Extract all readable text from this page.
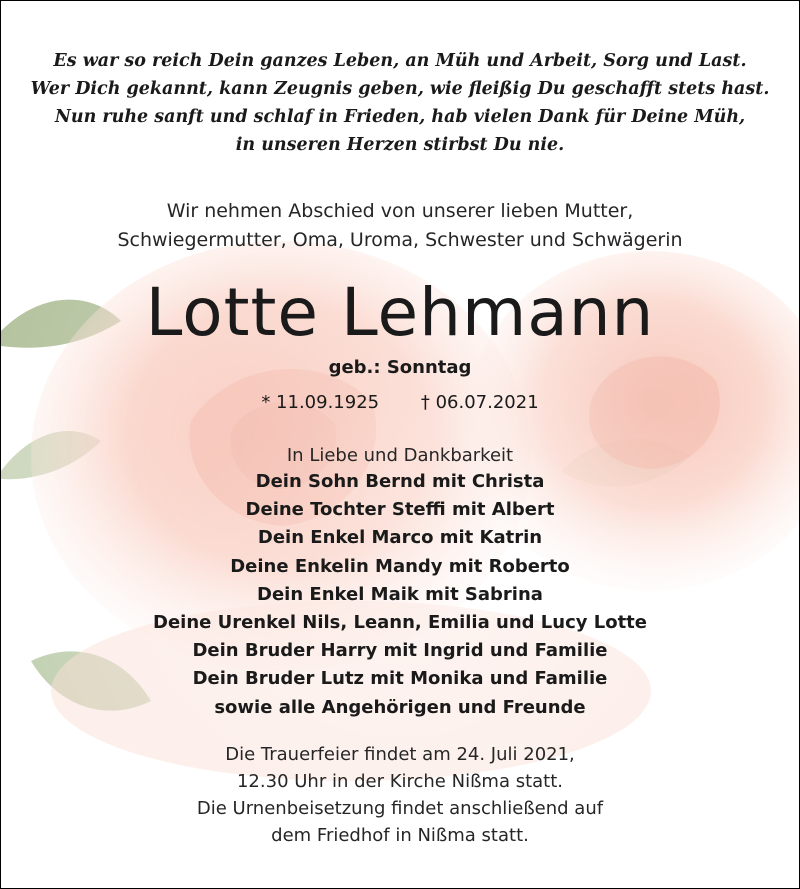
Es war so reich Dein ganzes Leben, an Müh und Arbeit, Sorg und Last.
Wer Dich gekannt, kann Zeugnis geben, wie fleißig Du geschafft stets hast.
Nun ruhe sanft und schlaf in Frieden, hab vielen Dank für Deine Müh,
in unseren Herzen stirbst Du nie.
Wir nehmen Abschied von unserer lieben Mutter,
Schwiegermutter, Oma, Uroma, Schwester und Schwägerin
Lotte Lehmann
geb.: Sonntag
* 11.09.1925 † 06.07.2021
In Liebe und Dankbarkeit
Dein Sohn Bernd mit Christa
Deine Tochter Steffi mit Albert
Dein Enkel Marco mit Katrin
Deine Enkelin Mandy mit Roberto
Dein Enkel Maik mit Sabrina
Deine Urenkel Nils, Leann, Emilia und Lucy Lotte
Dein Bruder Harry mit Ingrid und Familie
Dein Bruder Lutz mit Monika und Familie
sowie alle Angehörigen und Freunde
Die Trauerfeier findet am 24. Juli 2021,
12.30 Uhr in der Kirche Nißma statt.
Die Urnenbeisetzung findet anschließend auf
dem Friedhof in Nißma statt.
